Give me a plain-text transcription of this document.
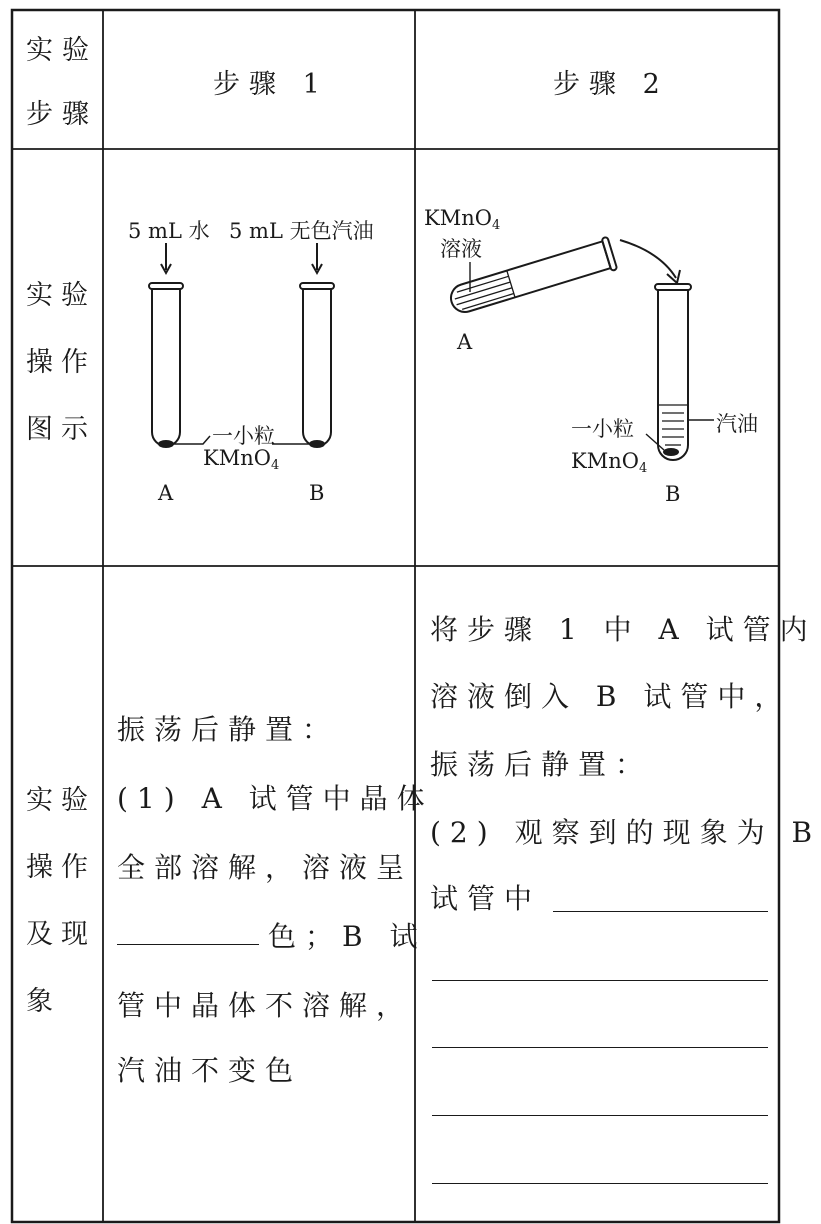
实验
步骤
步骤 1	步骤 2
实验
操作
图示
5 mL 水 5 mL 无色汽油
一小粒
KMnO$_4$
A	B
KMnO$_4$
溶液
A
一小粒
KMnO$_4$
汽油
B
实验
操作
及现
象
振荡后静置：
(1) A 试管中晶体
全部溶解，溶液呈
色；B 试
管中晶体不溶解，
汽油不变色
将步骤 1 中 A 试管内
溶液倒入 B 试管中，
振荡后静置：
(2) 观察到的现象为 B
试管中
